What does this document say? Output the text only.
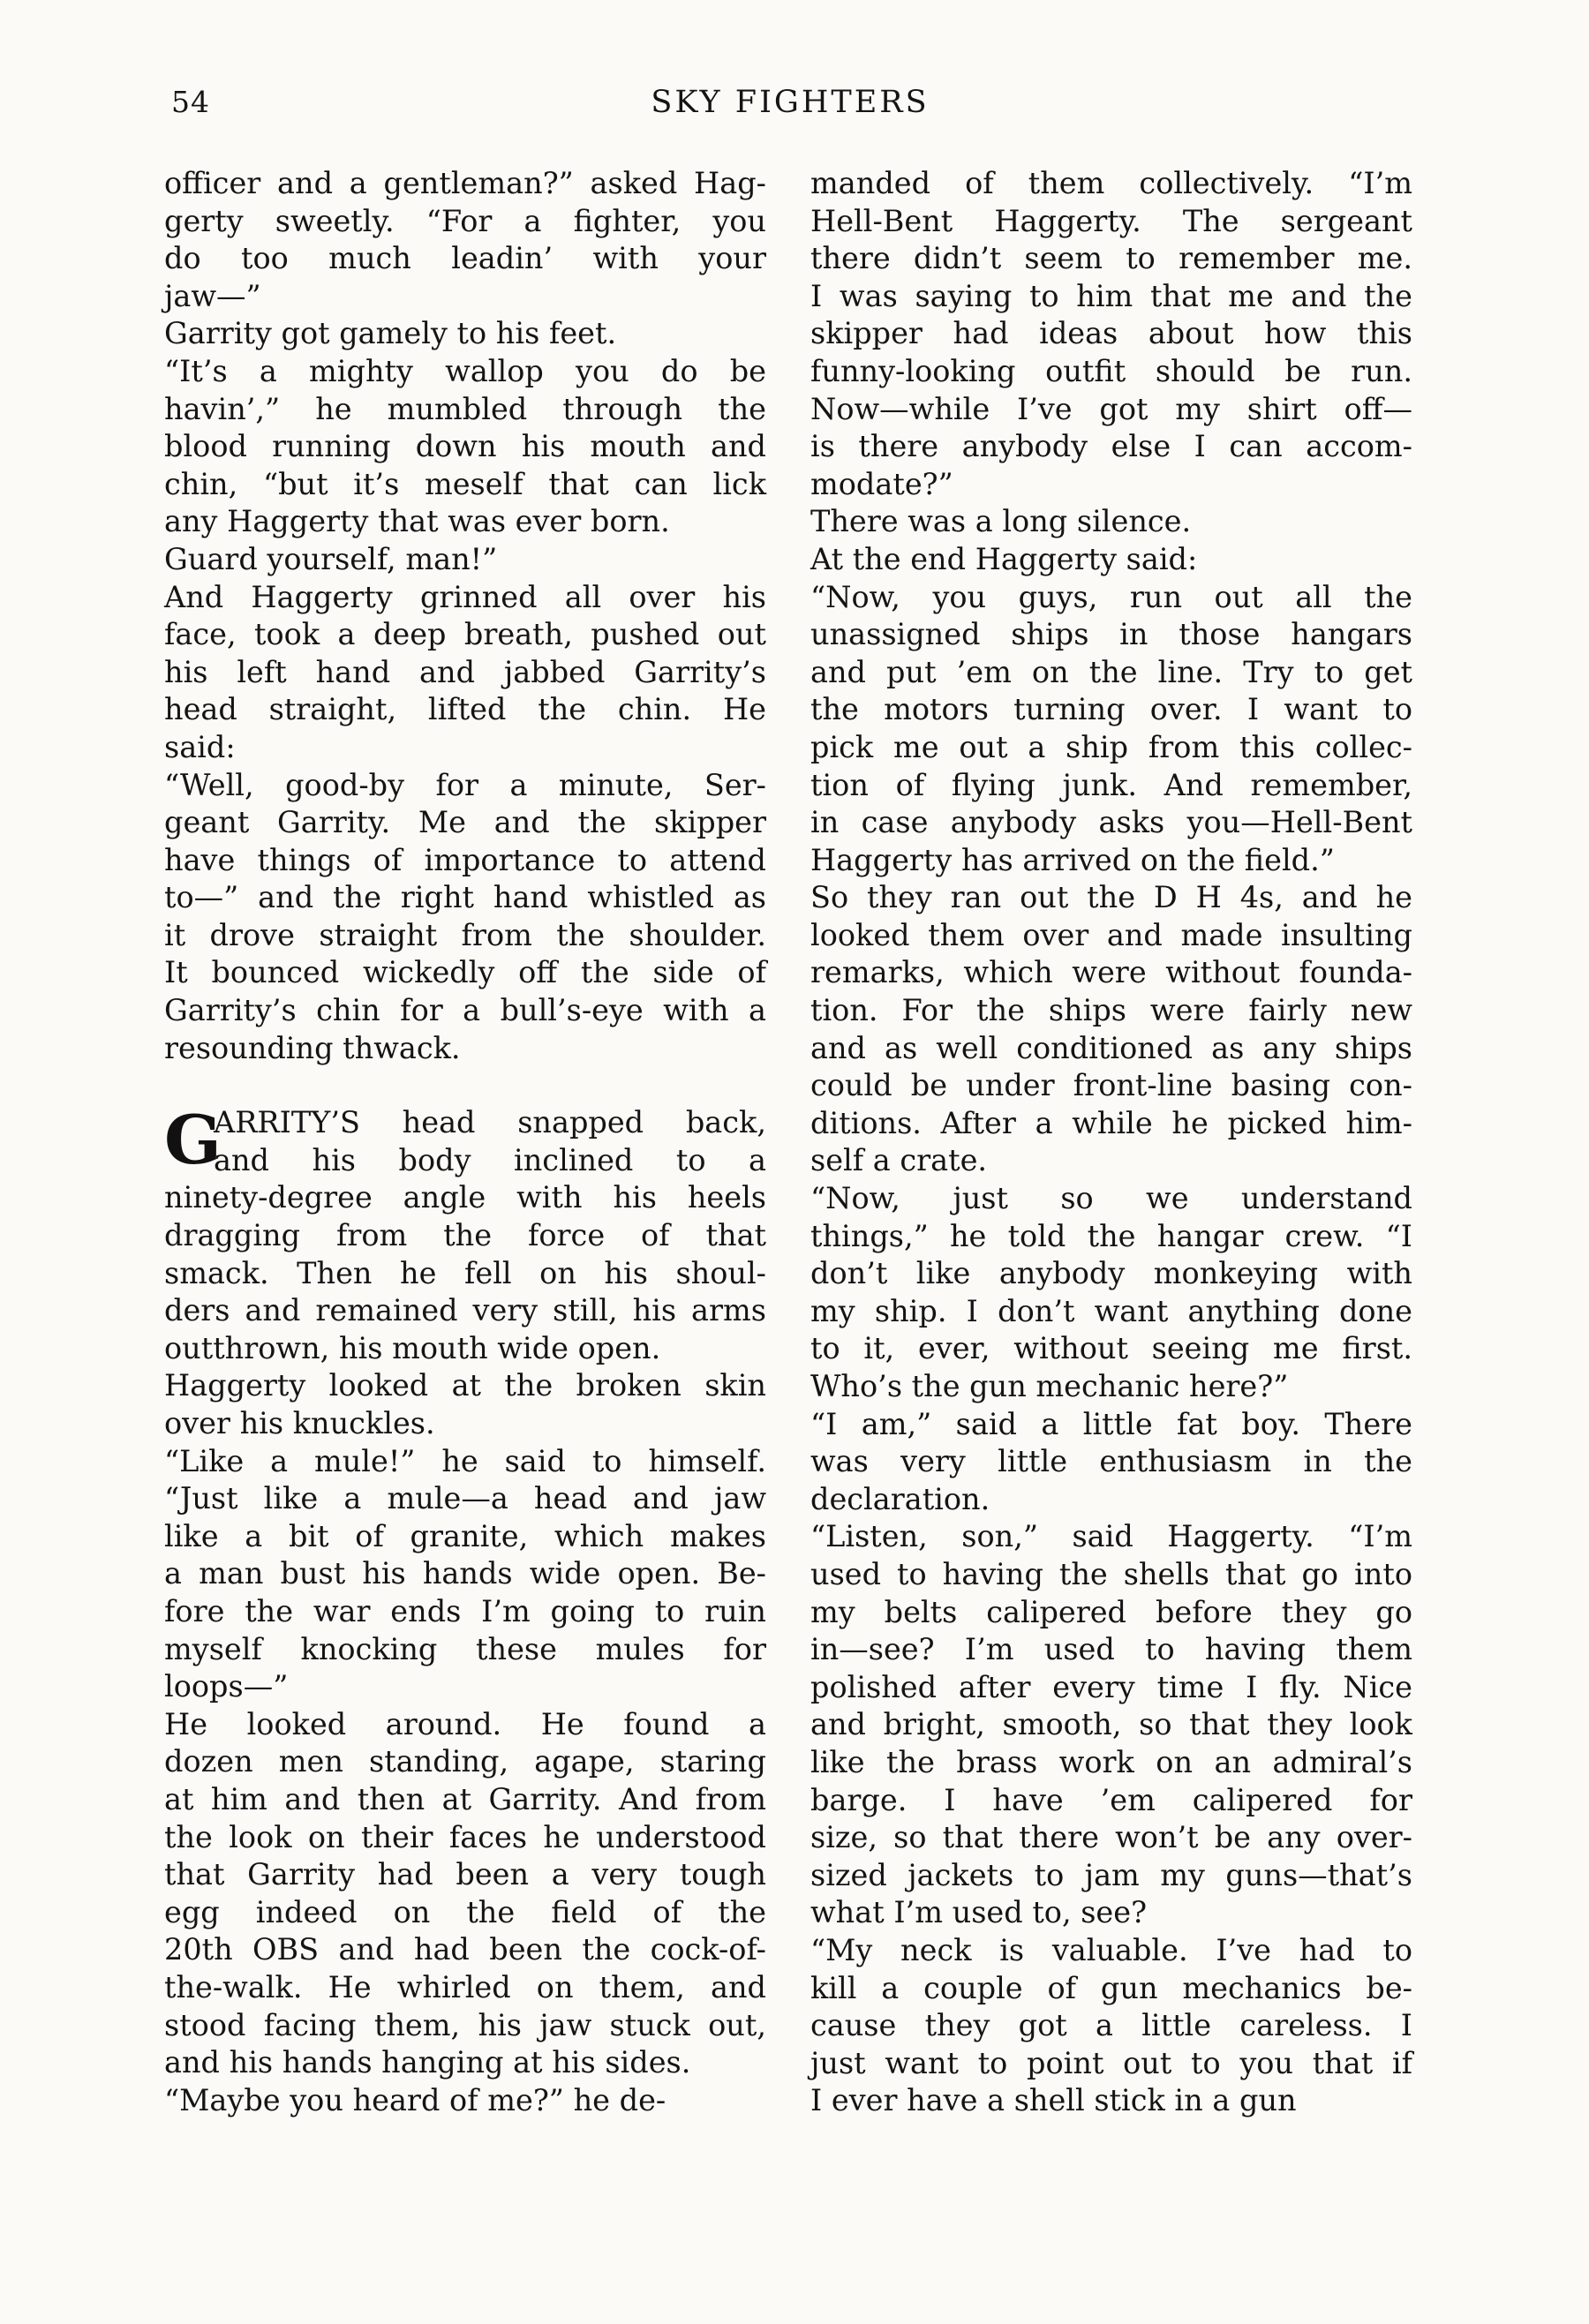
54	SKY FIGHTERS

officer and a gentleman?” asked Hag-

gerty sweetly. “For a fighter, you

do too much leadin’ with your

jaw—”

Garrity got gamely to his feet.

“It’s a mighty wallop you do be

havin’,” he mumbled through the

blood running down his mouth and

chin, “but it’s meself that can lick

any Haggerty that was ever born.

Guard yourself, man!”

And Haggerty grinned all over his

face, took a deep breath, pushed out

his left hand and jabbed Garrity’s

head straight, lifted the chin. He

said:

“Well, good-by for a minute, Ser-

geant Garrity. Me and the skipper

have things of importance to attend

to—” and the right hand whistled as

it drove straight from the shoulder.

It bounced wickedly off the side of

Garrity’s chin for a bull’s-eye with a

resounding thwack.

G

ARRITY’S head snapped back,

and his body inclined to a

ninety-degree angle with his heels

dragging from the force of that

smack. Then he fell on his shoul-

ders and remained very still, his arms

outthrown, his mouth wide open.

Haggerty looked at the broken skin

over his knuckles.

“Like a mule!” he said to himself.

“Just like a mule—a head and jaw

like a bit of granite, which makes

a man bust his hands wide open. Be-

fore the war ends I’m going to ruin

myself knocking these mules for

loops—”

He looked around. He found a

dozen men standing, agape, staring

at him and then at Garrity. And from

the look on their faces he understood

that Garrity had been a very tough

egg indeed on the field of the

20th OBS and had been the cock-of-

the-walk. He whirled on them, and

stood facing them, his jaw stuck out,

and his hands hanging at his sides.

“Maybe you heard of me?” he de-

manded of them collectively. “I’m

Hell-Bent Haggerty. The sergeant

there didn’t seem to remember me.

I was saying to him that me and the

skipper had ideas about how this

funny-looking outfit should be run.

Now—while I’ve got my shirt off—

is there anybody else I can accom-

modate?”

There was a long silence.

At the end Haggerty said:

“Now, you guys, run out all the

unassigned ships in those hangars

and put ’em on the line. Try to get

the motors turning over. I want to

pick me out a ship from this collec-

tion of flying junk. And remember,

in case anybody asks you—Hell-Bent

Haggerty has arrived on the field.”

So they ran out the D H 4s, and he

looked them over and made insulting

remarks, which were without founda-

tion. For the ships were fairly new

and as well conditioned as any ships

could be under front-line basing con-

ditions. After a while he picked him-

self a crate.

“Now, just so we understand

things,” he told the hangar crew. “I

don’t like anybody monkeying with

my ship. I don’t want anything done

to it, ever, without seeing me first.

Who’s the gun mechanic here?”

“I am,” said a little fat boy. There

was very little enthusiasm in the

declaration.

“Listen, son,” said Haggerty. “I’m

used to having the shells that go into

my belts calipered before they go

in—see? I’m used to having them

polished after every time I fly. Nice

and bright, smooth, so that they look

like the brass work on an admiral’s

barge. I have ’em calipered for

size, so that there won’t be any over-

sized jackets to jam my guns—that’s

what I’m used to, see?

“My neck is valuable. I’ve had to

kill a couple of gun mechanics be-

cause they got a little careless. I

just want to point out to you that if

I ever have a shell stick in a gun
